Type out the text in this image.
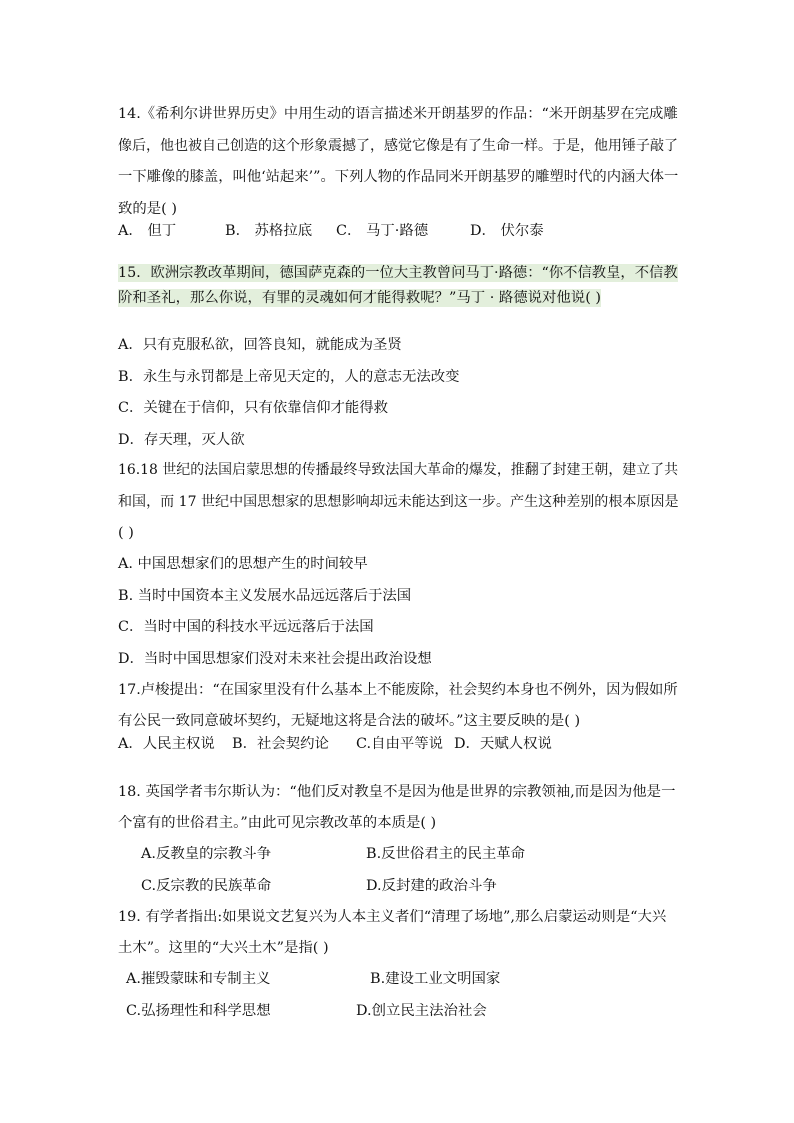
14.《希利尔讲世界历史》中用生动的语言描述米开朗基罗的作品：“米开朗基罗在完成雕
像后，他也被自己创造的这个形象震撼了，感觉它像是有了生命一样。于是，他用锤子敲了
一下雕像的膝盖，叫他‘站起来’”。下列人物的作品同米开朗基罗的雕塑时代的内涵大体一
致的是( )
A． 但丁	B． 苏格拉底 C． 马丁·路德	D． 伏尔泰
15．欧洲宗教改革期间，德国萨克森的一位大主教曾问马丁·路德：“你不信教皇，不信教
阶和圣礼，那么你说，有罪的灵魂如何才能得救呢？”马丁 · 路德说对他说( )
A．只有克服私欲，回答良知，就能成为圣贤
B．永生与永罚都是上帝见天定的，人的意志无法改变
C．关键在于信仰，只有依靠信仰才能得救
D．存天理，灭人欲
16.18 世纪的法国启蒙思想的传播最终导致法国大革命的爆发，推翻了封建王朝，建立了共
和国，而 17 世纪中国思想家的思想影响却远未能达到这一步。产生这种差别的根本原因是
( )
A. 中国思想家们的思想产生的时间较早
B. 当时中国资本主义发展水品远远落后于法国
C．当时中国的科技水平远远落后于法国
D．当时中国思想家们没对未来社会提出政治设想
17.卢梭提出：“在国家里没有什么基本上不能废除，社会契约本身也不例外，因为假如所
有公民一致同意破坏契约，无疑地这将是合法的破坏。”这主要反映的是( )
A．人民主权说 B．社会契约论 C.自由平等说 D．天赋人权说
18. 英国学者韦尔斯认为：“他们反对教皇不是因为他是世界的宗教领袖,而是因为他是一
个富有的世俗君主。”由此可见宗教改革的本质是( )
A.反教皇的宗教斗争	B.反世俗君主的民主革命
C.反宗教的民族革命	D.反封建的政治斗争
19. 有学者指出:如果说文艺复兴为人本主义者们“清理了场地”,那么启蒙运动则是“大兴
土木”。这里的“大兴土木”是指( )
A.摧毁蒙昧和专制主义	B.建设工业文明国家
C.弘扬理性和科学思想	D.创立民主法治社会
